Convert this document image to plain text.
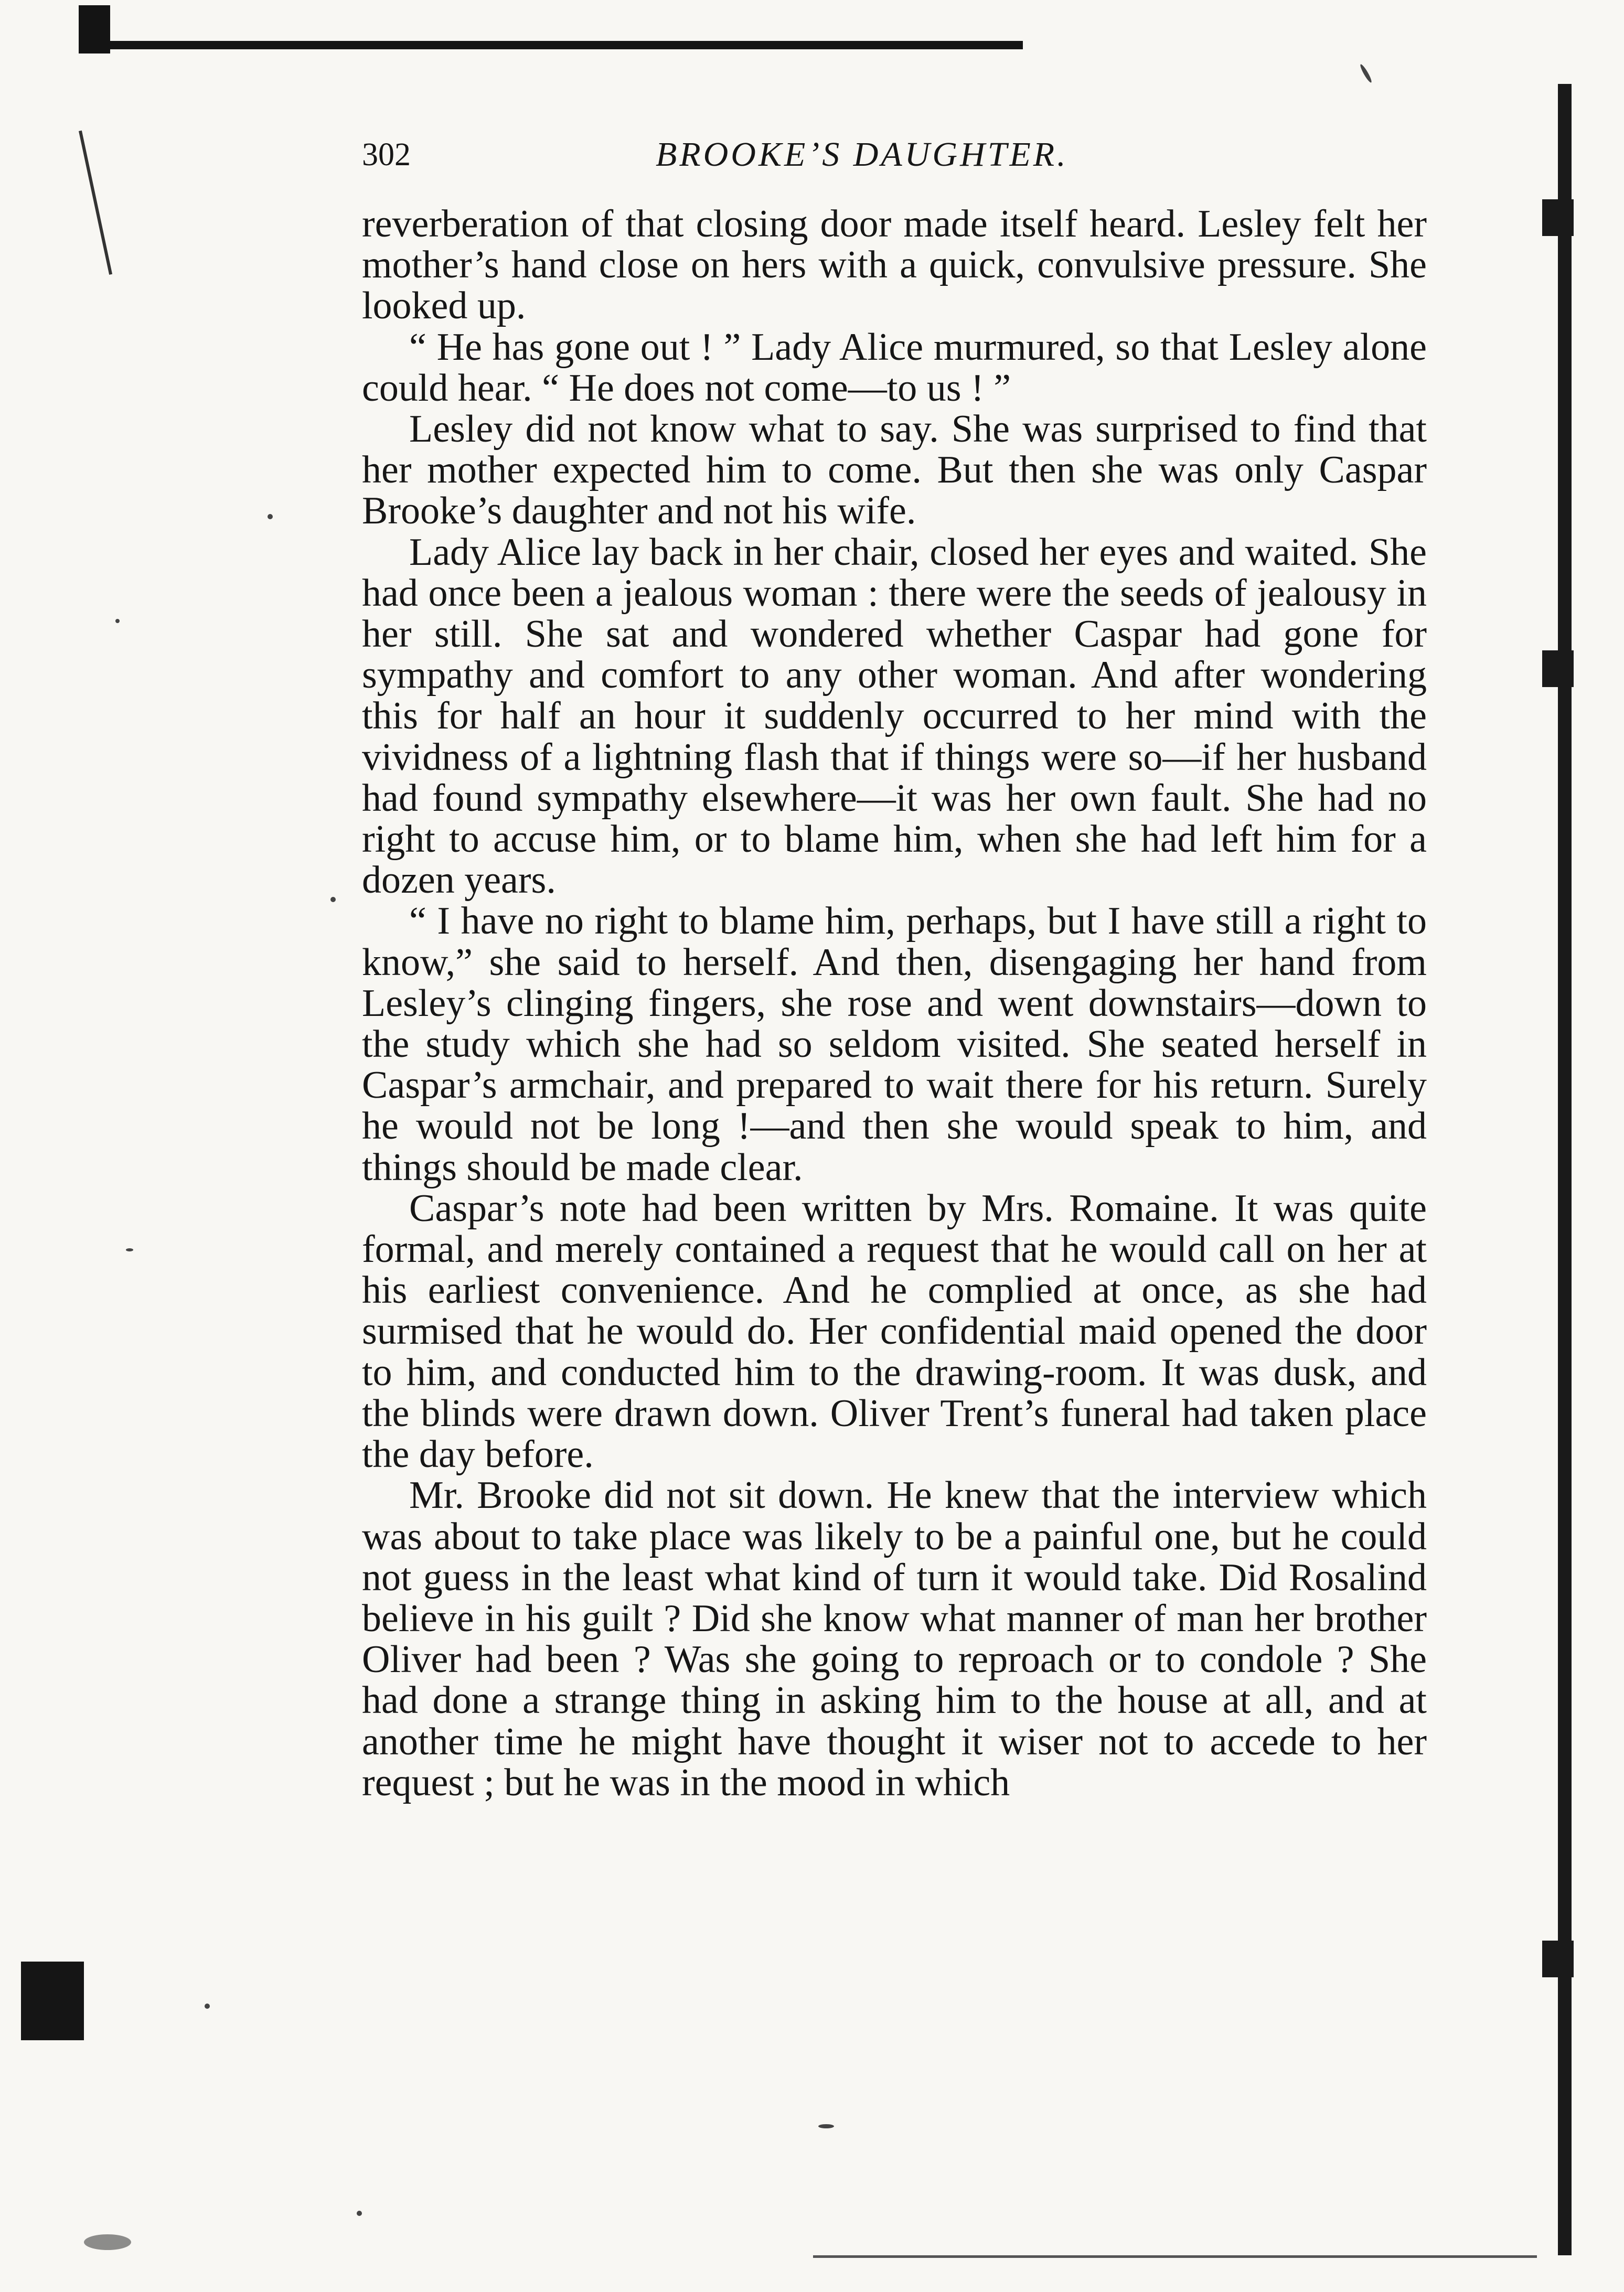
302	BROOKE’S DAUGHTER.

reverberation of that closing door made itself heard. Lesley felt her mother’s hand close on hers with a quick, convulsive pressure. She looked up.

“ He has gone out ! ” Lady Alice murmured, so that Lesley alone could hear. “ He does not come—to us ! ”

Lesley did not know what to say. She was surprised to find that her mother expected him to come. But then she was only Caspar Brooke’s daughter and not his wife.

Lady Alice lay back in her chair, closed her eyes and waited. She had once been a jealous woman : there were the seeds of jealousy in her still. She sat and wondered whether Caspar had gone for sympathy and comfort to any other woman. And after wondering this for half an hour it suddenly occurred to her mind with the vividness of a lightning flash that if things were so—if her husband had found sympathy elsewhere—it was her own fault. She had no right to accuse him, or to blame him, when she had left him for a dozen years.

“ I have no right to blame him, perhaps, but I have still a right to know,” she said to herself. And then, disengaging her hand from Lesley’s clinging fingers, she rose and went downstairs—down to the study which she had so seldom visited. She seated herself in Caspar’s armchair, and prepared to wait there for his return. Surely he would not be long !—and then she would speak to him, and things should be made clear.

Caspar’s note had been written by Mrs. Romaine. It was quite formal, and merely contained a request that he would call on her at his earliest convenience. And he complied at once, as she had surmised that he would do. Her confidential maid opened the door to him, and conducted him to the drawing-room. It was dusk, and the blinds were drawn down. Oliver Trent’s funeral had taken place the day before.

Mr. Brooke did not sit down. He knew that the interview which was about to take place was likely to be a painful one, but he could not guess in the least what kind of turn it would take. Did Rosalind believe in his guilt ? Did she know what manner of man her brother Oliver had been ? Was she going to reproach or to condole ? She had done a strange thing in asking him to the house at all, and at another time he might have thought it wiser not to accede to her request ; but he was in the mood in which
